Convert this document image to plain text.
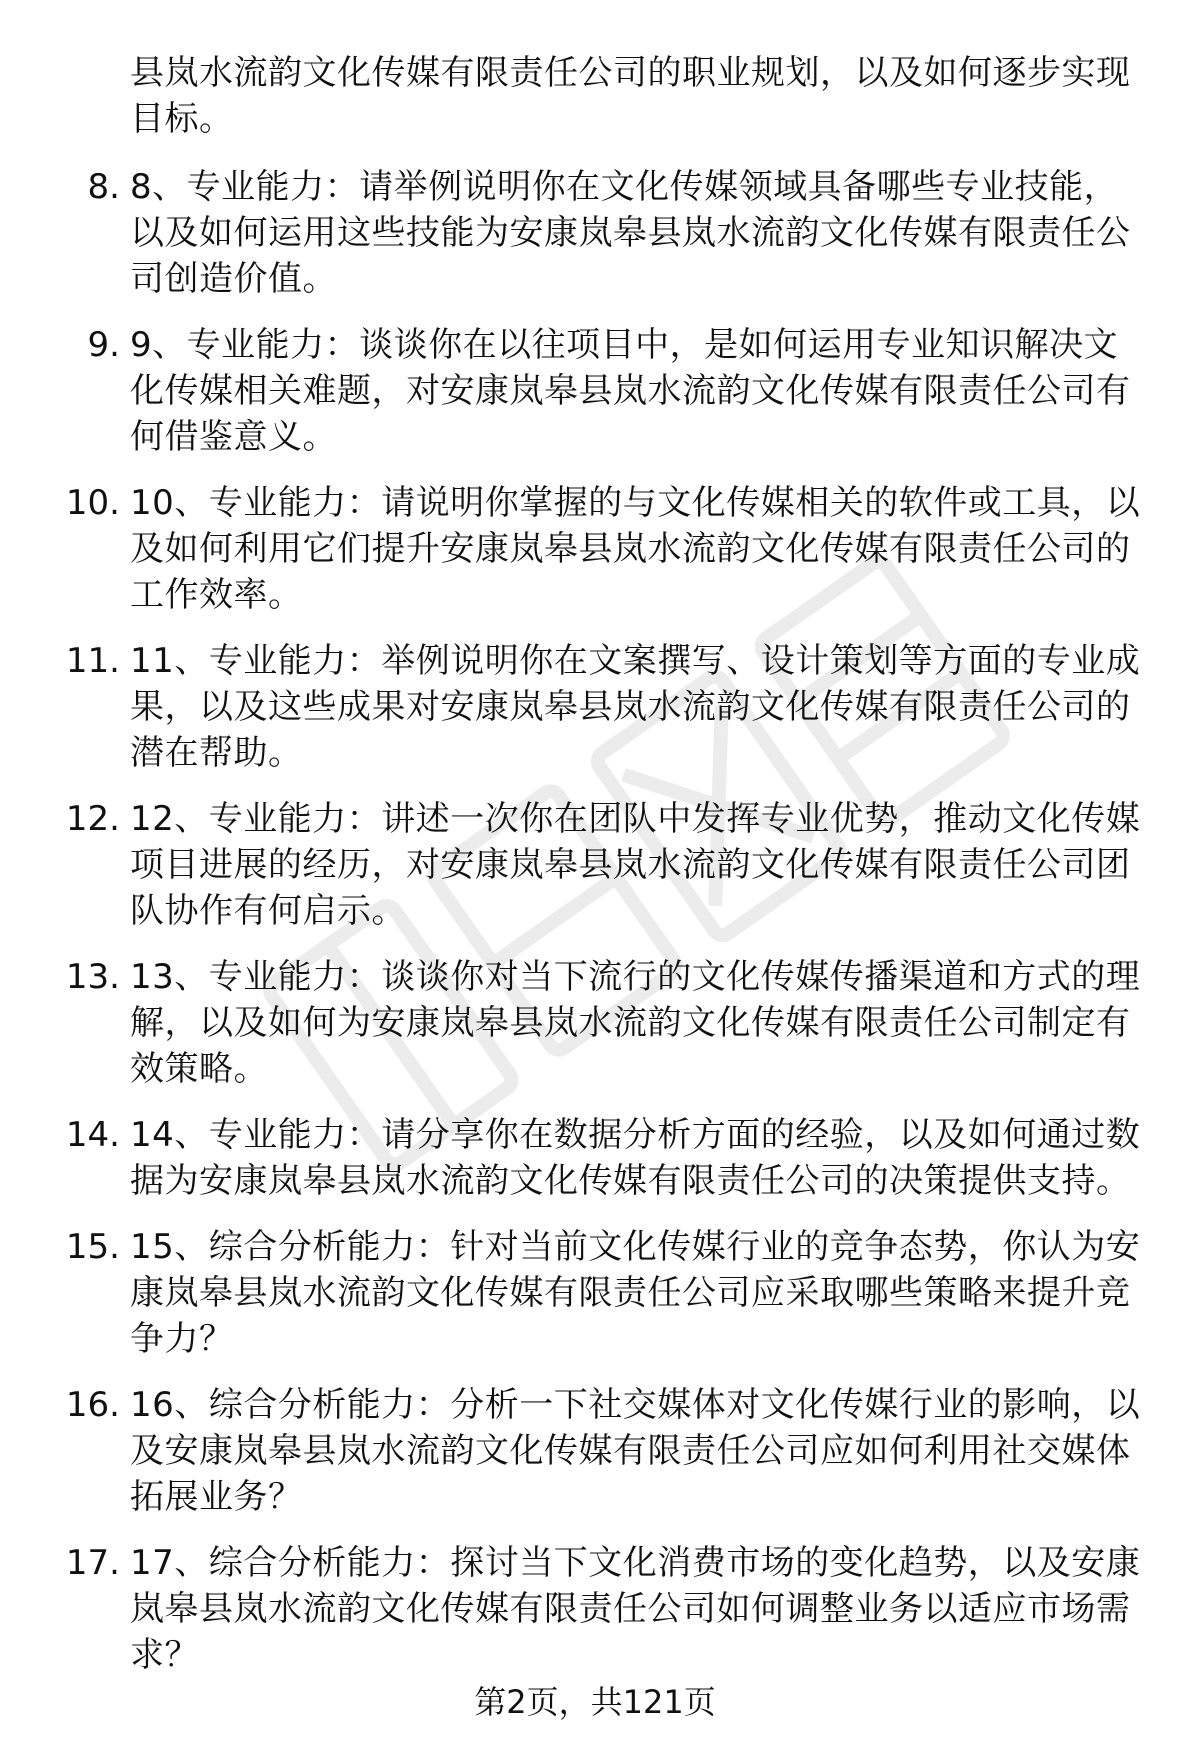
县岚水流韵文化传媒有限责任公司的职业规划，以及如何逐步实现目标。
8. 8、专业能力：请举例说明你在文化传媒领域具备哪些专业技能，以及如何运用这些技能为安康岚皋县岚水流韵文化传媒有限责任公司创造价值。
9. 9、专业能力：谈谈你在以往项目中，是如何运用专业知识解决文化传媒相关难题，对安康岚皋县岚水流韵文化传媒有限责任公司有何借鉴意义。
10. 10、专业能力：请说明你掌握的与文化传媒相关的软件或工具，以及如何利用它们提升安康岚皋县岚水流韵文化传媒有限责任公司的工作效率。
11. 11、专业能力：举例说明你在文案撰写、设计策划等方面的专业成果，以及这些成果对安康岚皋县岚水流韵文化传媒有限责任公司的潜在帮助。
12. 12、专业能力：讲述一次你在团队中发挥专业优势，推动文化传媒项目进展的经历，对安康岚皋县岚水流韵文化传媒有限责任公司团队协作有何启示。
13. 13、专业能力：谈谈你对当下流行的文化传媒传播渠道和方式的理解，以及如何为安康岚皋县岚水流韵文化传媒有限责任公司制定有效策略。
14. 14、专业能力：请分享你在数据分析方面的经验，以及如何通过数据为安康岚皋县岚水流韵文化传媒有限责任公司的决策提供支持。
15. 15、综合分析能力：针对当前文化传媒行业的竞争态势，你认为安康岚皋县岚水流韵文化传媒有限责任公司应采取哪些策略来提升竞争力？
16. 16、综合分析能力：分析一下社交媒体对文化传媒行业的影响，以及安康岚皋县岚水流韵文化传媒有限责任公司应如何利用社交媒体拓展业务？
17. 17、综合分析能力：探讨当下文化消费市场的变化趋势，以及安康岚皋县岚水流韵文化传媒有限责任公司如何调整业务以适应市场需求？
第2页，共121页
